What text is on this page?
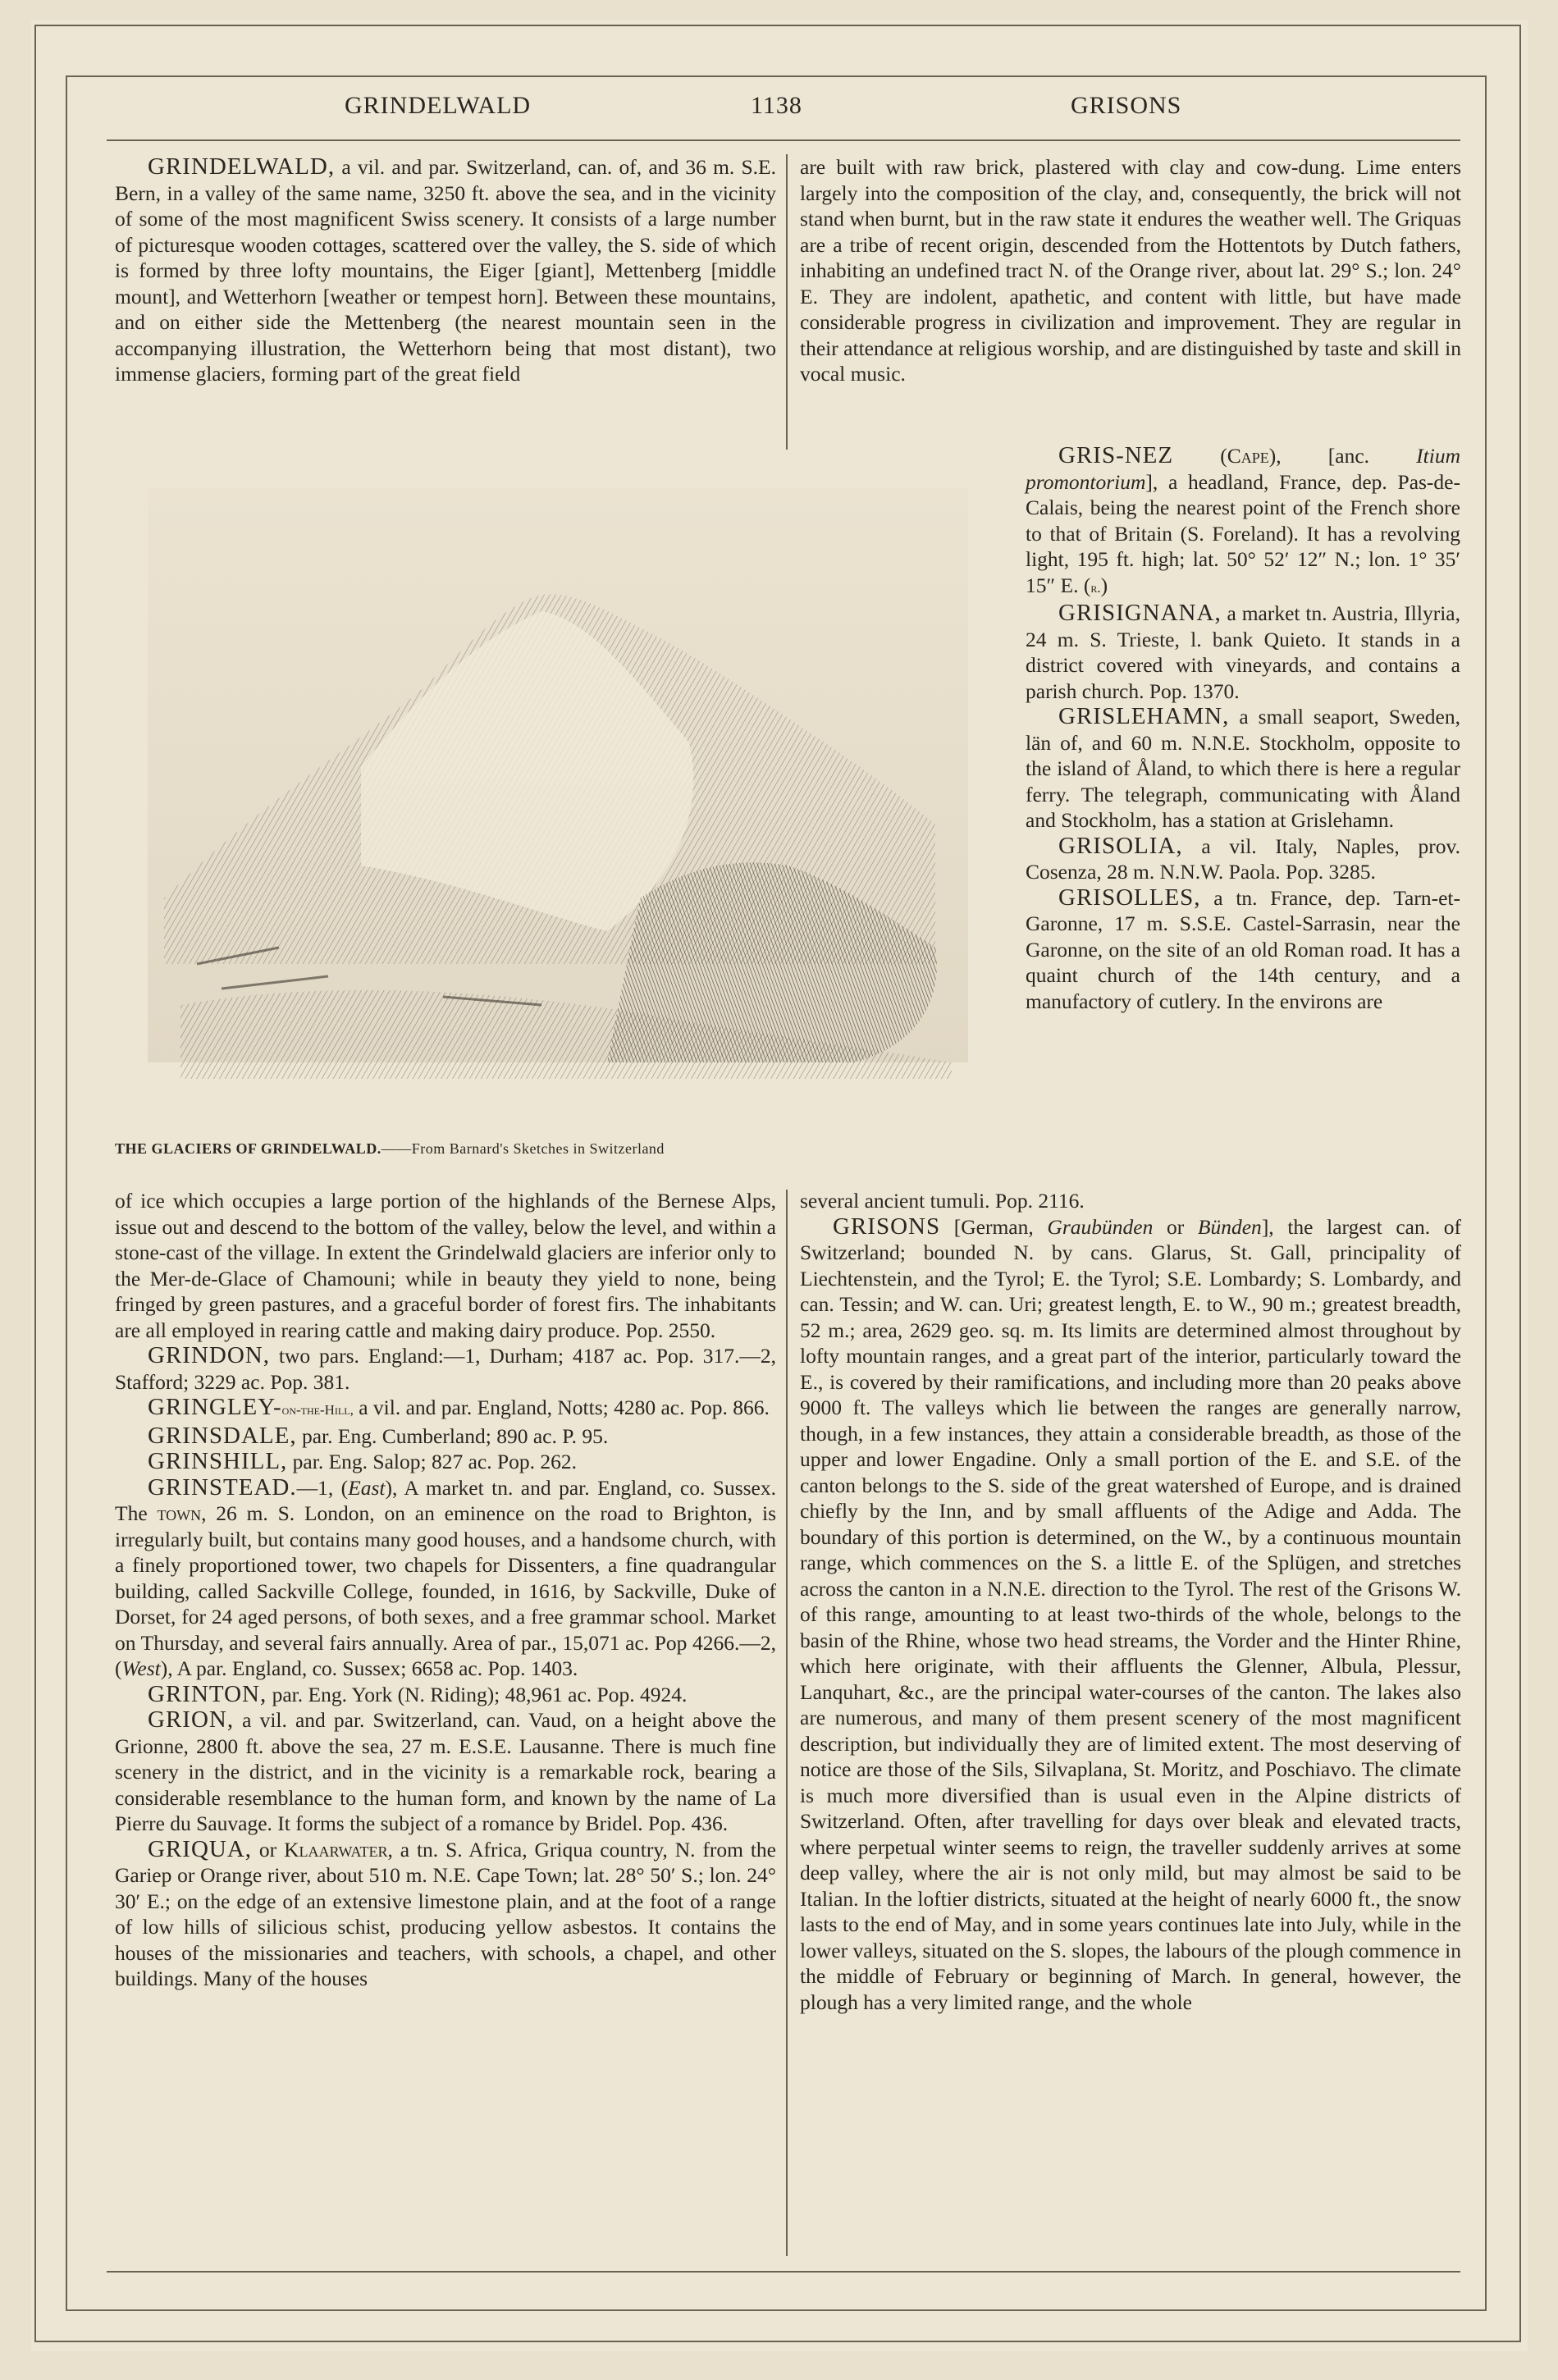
GRINDELWALD	1138	GRISONS

GRINDELWALD, a vil. and par. Switzerland, can. of, and 36 m. S.E. Bern, in a valley of the same name, 3250 ft. above the sea, and in the vicinity of some of the most magnificent Swiss scenery. It consists of a large number of picturesque wooden cottages, scattered over the valley, the S. side of which is formed by three lofty mountains, the Eiger [giant], Mettenberg [middle mount], and Wetterhorn [weather or tempest horn]. Between these mountains, and on either side the Mettenberg (the nearest mountain seen in the accompanying illustration, the Wetterhorn being that most distant), two immense glaciers, forming part of the great field

are built with raw brick, plastered with clay and cow-dung. Lime enters largely into the composition of the clay, and, consequently, the brick will not stand when burnt, but in the raw state it endures the weather well. The Griquas are a tribe of recent origin, descended from the Hottentots by Dutch fathers, inhabiting an undefined tract N. of the Orange river, about lat. 29° S.; lon. 24° E. They are indolent, apathetic, and content with little, but have made considerable progress in civilization and improvement. They are regular in their attendance at religious worship, and are distinguished by taste and skill in vocal music.

THE GLACIERS OF GRINDELWALD.——From Barnard's Sketches in Switzerland

GRIS-NEZ (Cape), [anc. Itium promontorium], a headland, France, dep. Pas-de-Calais, being the nearest point of the French shore to that of Britain (S. Foreland). It has a revolving light, 195 ft. high; lat. 50° 52′ 12″ N.; lon. 1° 35′ 15″ E. (r.)

GRISIGNANA, a market tn. Austria, Illyria, 24 m. S. Trieste, l. bank Quieto. It stands in a district covered with vineyards, and contains a parish church. Pop. 1370.

GRISLEHAMN, a small seaport, Sweden, län of, and 60 m. N.N.E. Stockholm, opposite to the island of Åland, to which there is here a regular ferry. The telegraph, communicating with Åland and Stockholm, has a station at Grislehamn.

GRISOLIA, a vil. Italy, Naples, prov. Cosenza, 28 m. N.N.W. Paola. Pop. 3285.

GRISOLLES, a tn. France, dep. Tarn-et-Garonne, 17 m. S.S.E. Castel-Sarrasin, near the Garonne, on the site of an old Roman road. It has a quaint church of the 14th century, and a manufactory of cutlery. In the environs are

of ice which occupies a large portion of the highlands of the Bernese Alps, issue out and descend to the bottom of the valley, below the level, and within a stone-cast of the village. In extent the Grindelwald glaciers are inferior only to the Mer-de-Glace of Chamouni; while in beauty they yield to none, being fringed by green pastures, and a graceful border of forest firs. The inhabitants are all employed in rearing cattle and making dairy produce. Pop. 2550.

GRINDON, two pars. England:—1, Durham; 4187 ac. Pop. 317.—2, Stafford; 3229 ac. Pop. 381.

GRINGLEY-on-the-Hill, a vil. and par. England, Notts; 4280 ac. Pop. 866.

GRINSDALE, par. Eng. Cumberland; 890 ac. P. 95.

GRINSHILL, par. Eng. Salop; 827 ac. Pop. 262.

GRINSTEAD.—1, (East), A market tn. and par. England, co. Sussex. The town, 26 m. S. London, on an eminence on the road to Brighton, is irregularly built, but contains many good houses, and a handsome church, with a finely proportioned tower, two chapels for Dissenters, a fine quadrangular building, called Sackville College, founded, in 1616, by Sackville, Duke of Dorset, for 24 aged persons, of both sexes, and a free grammar school. Market on Thursday, and several fairs annually. Area of par., 15,071 ac. Pop 4266.—2, (West), A par. England, co. Sussex; 6658 ac. Pop. 1403.

GRINTON, par. Eng. York (N. Riding); 48,961 ac. Pop. 4924.

GRION, a vil. and par. Switzerland, can. Vaud, on a height above the Grionne, 2800 ft. above the sea, 27 m. E.S.E. Lausanne. There is much fine scenery in the district, and in the vicinity is a remarkable rock, bearing a considerable resemblance to the human form, and known by the name of La Pierre du Sauvage. It forms the subject of a romance by Bridel. Pop. 436.

GRIQUA, or Klaarwater, a tn. S. Africa, Griqua country, N. from the Gariep or Orange river, about 510 m. N.E. Cape Town; lat. 28° 50′ S.; lon. 24° 30′ E.; on the edge of an extensive limestone plain, and at the foot of a range of low hills of silicious schist, producing yellow asbestos. It contains the houses of the missionaries and teachers, with schools, a chapel, and other buildings. Many of the houses

several ancient tumuli. Pop. 2116.

GRISONS [German, Graubünden or Bünden], the largest can. of Switzerland; bounded N. by cans. Glarus, St. Gall, principality of Liechtenstein, and the Tyrol; E. the Tyrol; S.E. Lombardy; S. Lombardy, and can. Tessin; and W. can. Uri; greatest length, E. to W., 90 m.; greatest breadth, 52 m.; area, 2629 geo. sq. m. Its limits are determined almost throughout by lofty mountain ranges, and a great part of the interior, particularly toward the E., is covered by their ramifications, and including more than 20 peaks above 9000 ft. The valleys which lie between the ranges are generally narrow, though, in a few instances, they attain a considerable breadth, as those of the upper and lower Engadine. Only a small portion of the E. and S.E. of the canton belongs to the S. side of the great watershed of Europe, and is drained chiefly by the Inn, and by small affluents of the Adige and Adda. The boundary of this portion is determined, on the W., by a continuous mountain range, which commences on the S. a little E. of the Splügen, and stretches across the canton in a N.N.E. direction to the Tyrol. The rest of the Grisons W. of this range, amounting to at least two-thirds of the whole, belongs to the basin of the Rhine, whose two head streams, the Vorder and the Hinter Rhine, which here originate, with their affluents the Glenner, Albula, Plessur, Lanquhart, &c., are the principal water-courses of the canton. The lakes also are numerous, and many of them present scenery of the most magnificent description, but individually they are of limited extent. The most deserving of notice are those of the Sils, Silvaplana, St. Moritz, and Poschiavo. The climate is much more diversified than is usual even in the Alpine districts of Switzerland. Often, after travelling for days over bleak and elevated tracts, where perpetual winter seems to reign, the traveller suddenly arrives at some deep valley, where the air is not only mild, but may almost be said to be Italian. In the loftier districts, situated at the height of nearly 6000 ft., the snow lasts to the end of May, and in some years continues late into July, while in the lower valleys, situated on the S. slopes, the labours of the plough commence in the middle of February or beginning of March. In general, however, the plough has a very limited range, and the whole
